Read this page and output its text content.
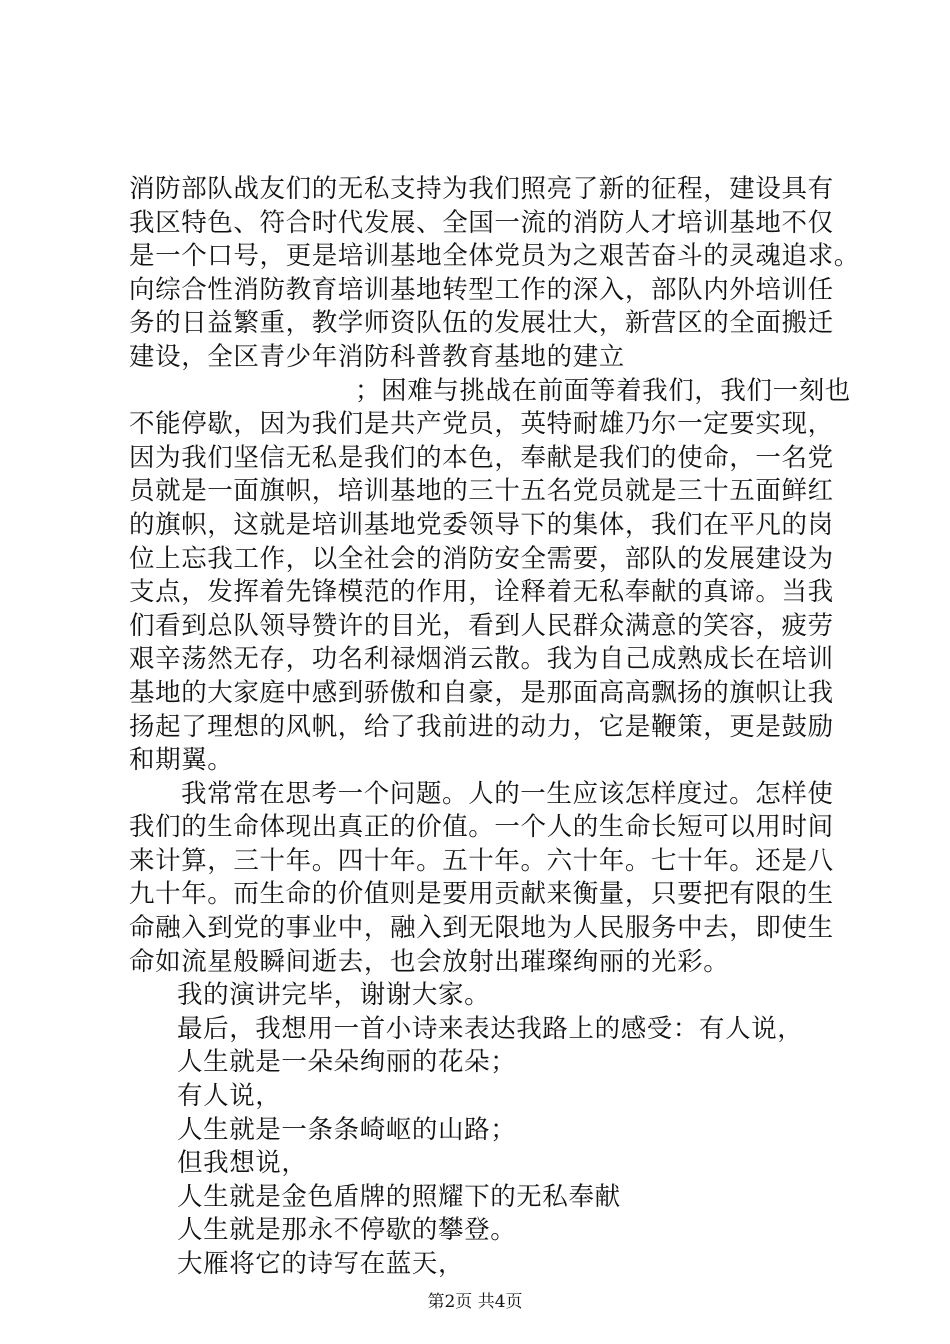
消防部队战友们的无私支持为我们照亮了新的征程，建设具有
我区特色、符合时代发展、全国一流的消防人才培训基地不仅
是一个口号，更是培训基地全体党员为之艰苦奋斗的灵魂追求。
向综合性消防教育培训基地转型工作的深入，部队内外培训任
务的日益繁重，教学师资队伍的发展壮大，新营区的全面搬迁
建设，全区青少年消防科普教育基地的建立
；困难与挑战在前面等着我们，我们一刻也
不能停歇，因为我们是共产党员，英特耐雄乃尔一定要实现，
因为我们坚信无私是我们的本色，奉献是我们的使命，一名党
员就是一面旗帜，培训基地的三十五名党员就是三十五面鲜红
的旗帜，这就是培训基地党委领导下的集体，我们在平凡的岗
位上忘我工作，以全社会的消防安全需要，部队的发展建设为
支点，发挥着先锋模范的作用，诠释着无私奉献的真谛。当我
们看到总队领导赞许的目光，看到人民群众满意的笑容，疲劳
艰辛荡然无存，功名利禄烟消云散。我为自己成熟成长在培训
基地的大家庭中感到骄傲和自豪，是那面高高飘扬的旗帜让我
扬起了理想的风帆，给了我前进的动力，它是鞭策，更是鼓励
和期翼。
我常常在思考一个问题。人的一生应该怎样度过。怎样使
我们的生命体现出真正的价值。一个人的生命长短可以用时间
来计算，三十年。四十年。五十年。六十年。七十年。还是八
九十年。而生命的价值则是要用贡献来衡量，只要把有限的生
命融入到党的事业中，融入到无限地为人民服务中去，即使生
命如流星般瞬间逝去，也会放射出璀璨绚丽的光彩。
我的演讲完毕，谢谢大家。
最后，我想用一首小诗来表达我路上的感受：有人说，
人生就是一朵朵绚丽的花朵；
有人说，
人生就是一条条崎岖的山路；
但我想说，
人生就是金色盾牌的照耀下的无私奉献
人生就是那永不停歇的攀登。
大雁将它的诗写在蓝天，
第2页 共4页
